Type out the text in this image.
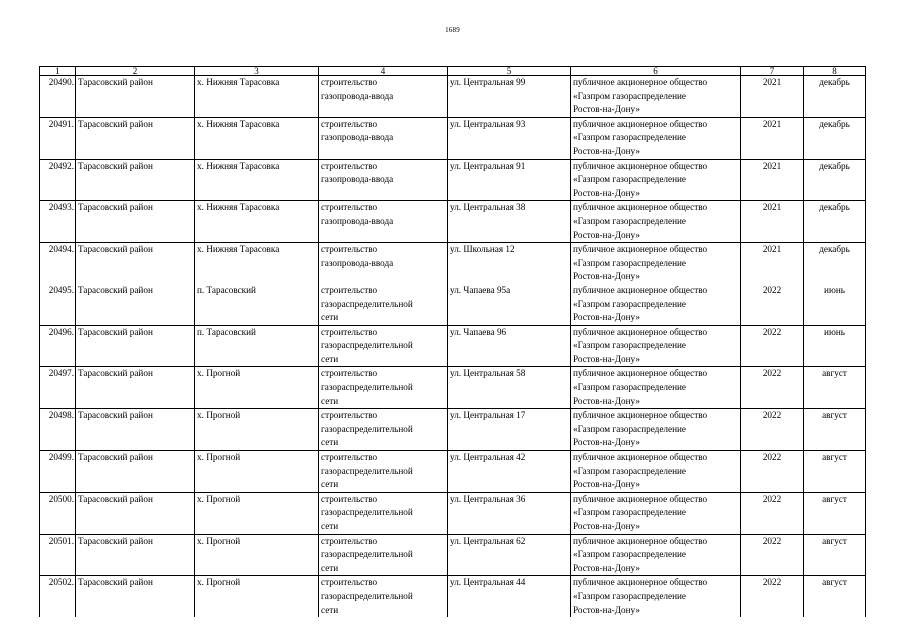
1689
1	2	3	4	5	6	7	8
20490.	Тарасовский район	х. Нижняя Тарасовка	строительство
газопровода-ввода	ул. Центральная 99	публичное акционерное общество
«Газпром газораспределение
Ростов-на-Дону»	2021	декабрь
20491.	Тарасовский район	х. Нижняя Тарасовка	строительство
газопровода-ввода	ул. Центральная 93	публичное акционерное общество
«Газпром газораспределение
Ростов-на-Дону»	2021	декабрь
20492.	Тарасовский район	х. Нижняя Тарасовка	строительство
газопровода-ввода	ул. Центральная 91	публичное акционерное общество
«Газпром газораспределение
Ростов-на-Дону»	2021	декабрь
20493.	Тарасовский район	х. Нижняя Тарасовка	строительство
газопровода-ввода	ул. Центральная 38	публичное акционерное общество
«Газпром газораспределение
Ростов-на-Дону»	2021	декабрь
20494.	Тарасовский район	х. Нижняя Тарасовка	строительство
газопровода-ввода	ул. Школьная 12	публичное акционерное общество
«Газпром газораспределение
Ростов-на-Дону»	2021	декабрь
20495.	Тарасовский район	п. Тарасовский	строительство
газораспределительной
сети	ул. Чапаева 95а	публичное акционерное общество
«Газпром газораспределение
Ростов-на-Дону»	2022	июнь
20496.	Тарасовский район	п. Тарасовский	строительство
газораспределительной
сети	ул. Чапаева 96	публичное акционерное общество
«Газпром газораспределение
Ростов-на-Дону»	2022	июнь
20497.	Тарасовский район	х. Прогной	строительство
газораспределительной
сети	ул. Центральная 58	публичное акционерное общество
«Газпром газораспределение
Ростов-на-Дону»	2022	август
20498.	Тарасовский район	х. Прогной	строительство
газораспределительной
сети	ул. Центральная 17	публичное акционерное общество
«Газпром газораспределение
Ростов-на-Дону»	2022	август
20499.	Тарасовский район	х. Прогной	строительство
газораспределительной
сети	ул. Центральная 42	публичное акционерное общество
«Газпром газораспределение
Ростов-на-Дону»	2022	август
20500.	Тарасовский район	х. Прогной	строительство
газораспределительной
сети	ул. Центральная 36	публичное акционерное общество
«Газпром газораспределение
Ростов-на-Дону»	2022	август
20501.	Тарасовский район	х. Прогной	строительство
газораспределительной
сети	ул. Центральная 62	публичное акционерное общество
«Газпром газораспределение
Ростов-на-Дону»	2022	август
20502.	Тарасовский район	х. Прогной	строительство
газораспределительной
сети	ул. Центральная 44	публичное акционерное общество
«Газпром газораспределение
Ростов-на-Дону»	2022	август
